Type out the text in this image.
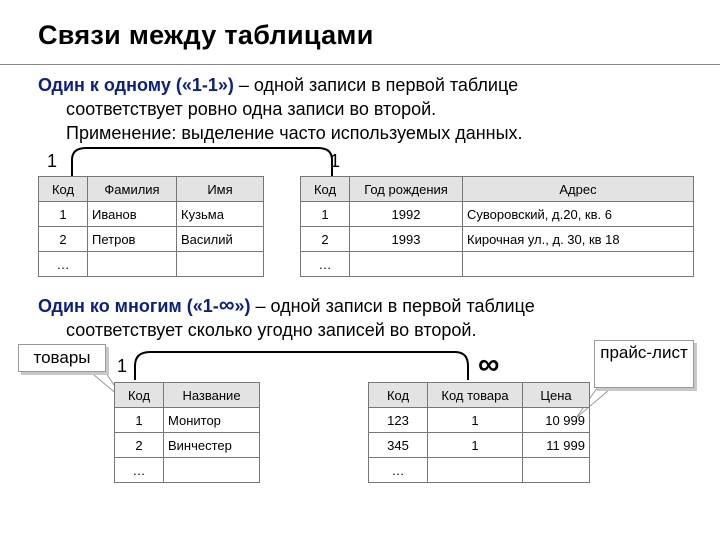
Связи между таблицами
Один к одному («1-1») – одной записи в первой таблице
соответствует ровно одна записи во второй.
Применение: выделение часто используемых данных.
1	1
Код	Фамилия	Имя
1	Иванов	Кузьма
2	Петров	Василий
…		
Код	Год рождения	Адрес
1	1992	Суворовский, д.20, кв. 6
2	1993	Кирочная ул., д. 30, кв 18
…		
Один ко многим («1-∞») – одной записи в первой таблице
соответствует сколько угодно записей во второй.
1	∞
товары	прайс-лист
Код	Название
1	Монитор
2	Винчестер
…	
Код	Код товара	Цена
123	1	10 999
345	1	11 999
…		
